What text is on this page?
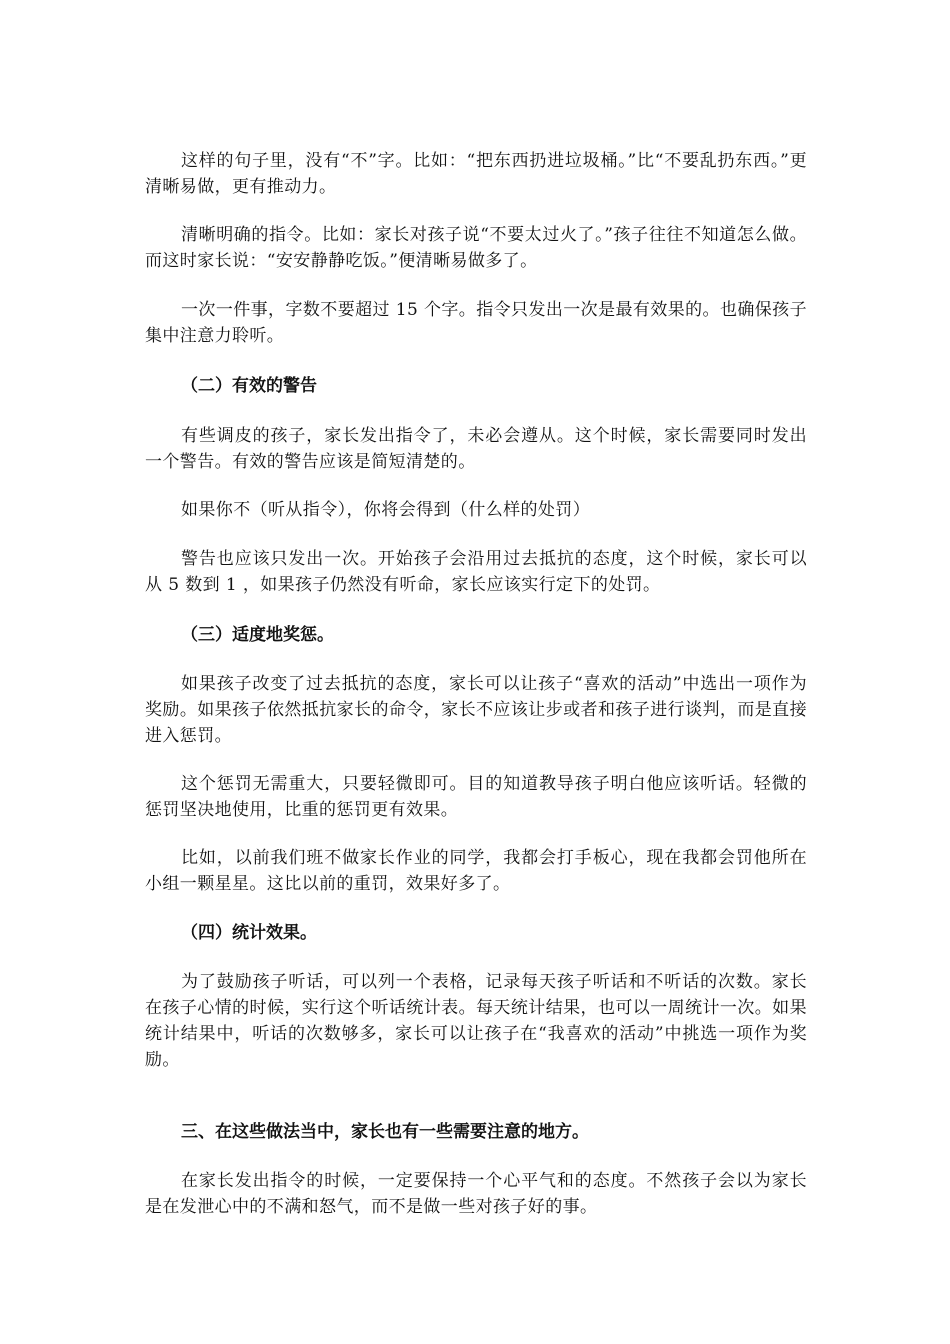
这样的句子里，没有“不”字。比如：“把东西扔进垃圾桶。”比“不要乱扔东西。”更清晰易做，更有推动力。

清晰明确的指令。比如：家长对孩子说“不要太过火了。”孩子往往不知道怎么做。而这时家长说：“安安静静吃饭。”便清晰易做多了。

一次一件事，字数不要超过 15 个字。指令只发出一次是最有效果的。也确保孩子集中注意力聆听。

（二）有效的警告

有些调皮的孩子，家长发出指令了，未必会遵从。这个时候，家长需要同时发出一个警告。有效的警告应该是简短清楚的。

如果你不（听从指令），你将会得到（什么样的处罚）

警告也应该只发出一次。开始孩子会沿用过去抵抗的态度，这个时候，家长可以从 5 数到 1 ，如果孩子仍然没有听命，家长应该实行定下的处罚。

（三）适度地奖惩。

如果孩子改变了过去抵抗的态度，家长可以让孩子“喜欢的活动”中选出一项作为奖励。如果孩子依然抵抗家长的命令，家长不应该让步或者和孩子进行谈判，而是直接进入惩罚。

这个惩罚无需重大，只要轻微即可。目的知道教导孩子明白他应该听话。轻微的惩罚坚决地使用，比重的惩罚更有效果。

比如，以前我们班不做家长作业的同学，我都会打手板心，现在我都会罚他所在小组一颗星星。这比以前的重罚，效果好多了。

（四）统计效果。

为了鼓励孩子听话，可以列一个表格，记录每天孩子听话和不听话的次数。家长在孩子心情的时候，实行这个听话统计表。每天统计结果，也可以一周统计一次。如果统计结果中，听话的次数够多，家长可以让孩子在“我喜欢的活动”中挑选一项作为奖励。

三、在这些做法当中，家长也有一些需要注意的地方。

在家长发出指令的时候，一定要保持一个心平气和的态度。不然孩子会以为家长是在发泄心中的不满和怒气，而不是做一些对孩子好的事。
